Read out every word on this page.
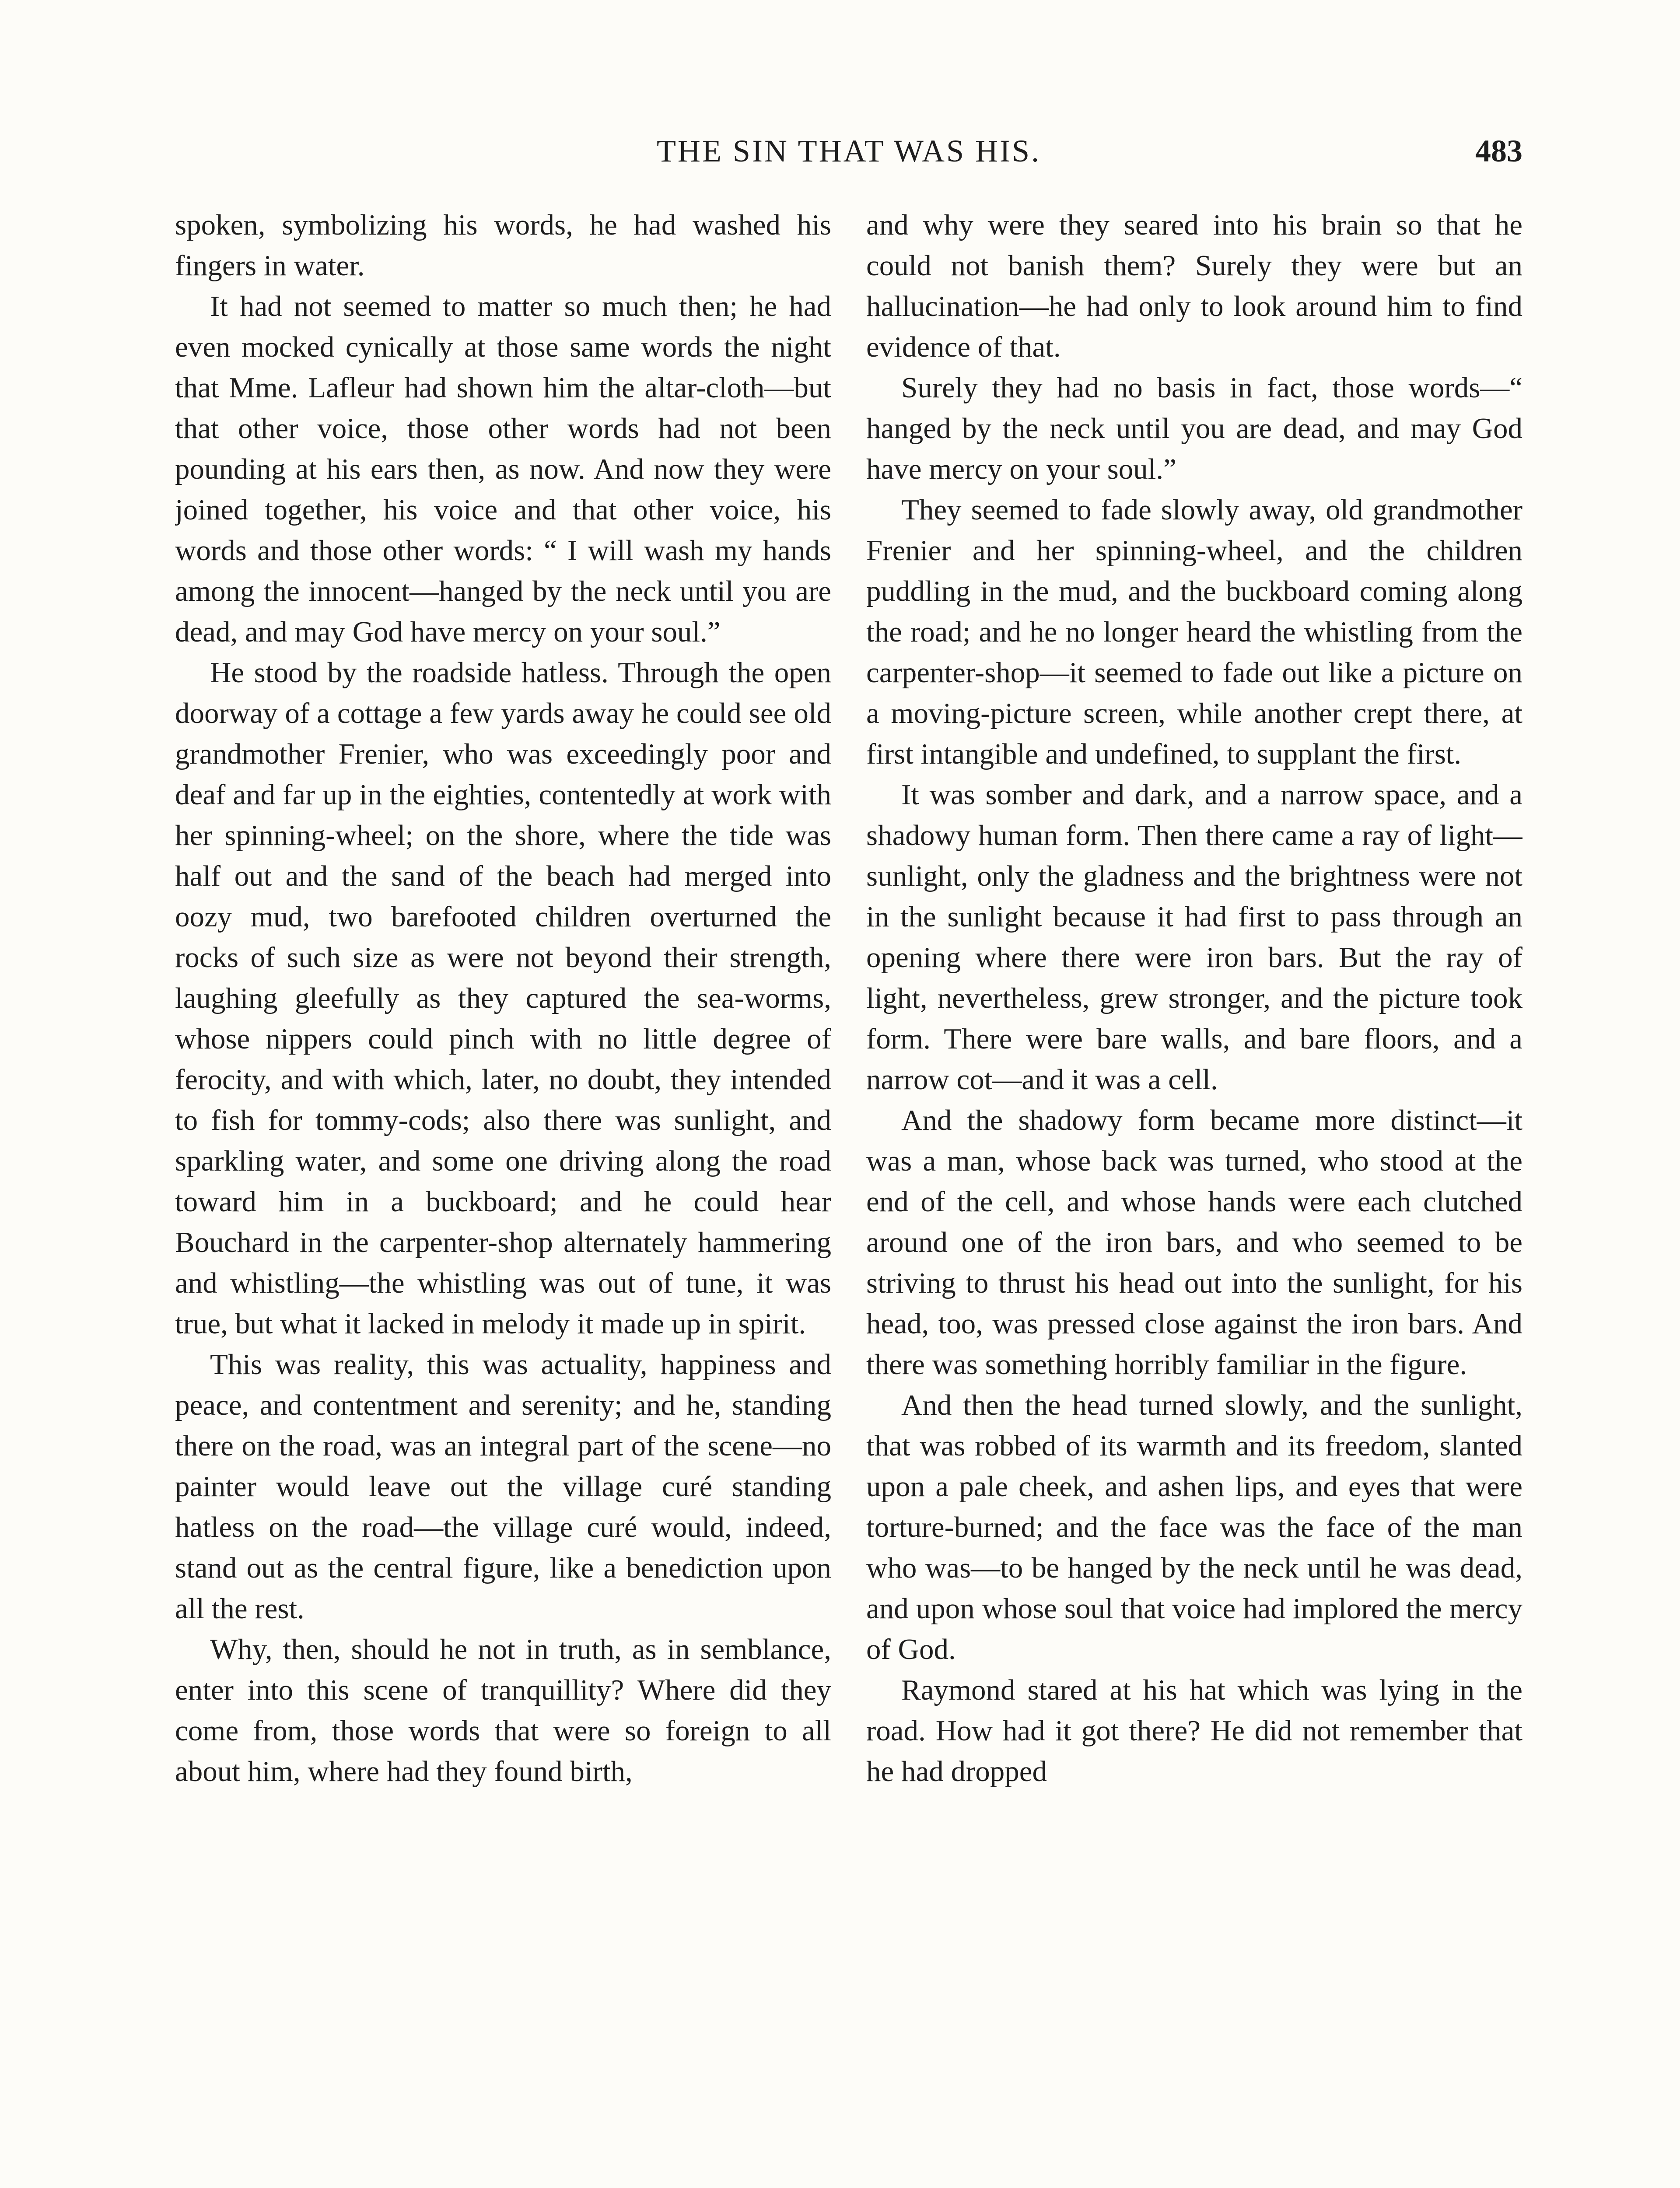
THE SIN THAT WAS HIS.	483

spoken, symbolizing his words, he had washed his fingers in water.

It had not seemed to matter so much then; he had even mocked cynically at those same words the night that Mme. Lafleur had shown him the altar-cloth—but that other voice, those other words had not been pounding at his ears then, as now. And now they were joined together, his voice and that other voice, his words and those other words: “ I will wash my hands among the innocent—hanged by the neck until you are dead, and may God have mercy on your soul.”

He stood by the roadside hatless. Through the open doorway of a cottage a few yards away he could see old grandmother Frenier, who was exceedingly poor and deaf and far up in the eighties, contentedly at work with her spinning-wheel; on the shore, where the tide was half out and the sand of the beach had merged into oozy mud, two barefooted children overturned the rocks of such size as were not beyond their strength, laughing gleefully as they captured the sea-worms, whose nippers could pinch with no little degree of ferocity, and with which, later, no doubt, they intended to fish for tommy-cods; also there was sunlight, and sparkling water, and some one driving along the road toward him in a buckboard; and he could hear Bouchard in the carpenter-shop alternately hammering and whistling—the whistling was out of tune, it was true, but what it lacked in melody it made up in spirit.

This was reality, this was actuality, happiness and peace, and contentment and serenity; and he, standing there on the road, was an integral part of the scene—no painter would leave out the village curé standing hatless on the road—the village curé would, indeed, stand out as the central figure, like a benediction upon all the rest.

Why, then, should he not in truth, as in semblance, enter into this scene of tranquillity? Where did they come from, those words that were so foreign to all about him, where had they found birth,

and why were they seared into his brain so that he could not banish them? Surely they were but an hallucination—he had only to look around him to find evidence of that.

Surely they had no basis in fact, those words—“ hanged by the neck until you are dead, and may God have mercy on your soul.”

They seemed to fade slowly away, old grandmother Frenier and her spinning-wheel, and the children puddling in the mud, and the buckboard coming along the road; and he no longer heard the whistling from the carpenter-shop—it seemed to fade out like a picture on a moving-picture screen, while another crept there, at first intangible and undefined, to supplant the first.

It was somber and dark, and a narrow space, and a shadowy human form. Then there came a ray of light—sunlight, only the gladness and the brightness were not in the sunlight because it had first to pass through an opening where there were iron bars. But the ray of light, nevertheless, grew stronger, and the picture took form. There were bare walls, and bare floors, and a narrow cot—and it was a cell.

And the shadowy form became more distinct—it was a man, whose back was turned, who stood at the end of the cell, and whose hands were each clutched around one of the iron bars, and who seemed to be striving to thrust his head out into the sunlight, for his head, too, was pressed close against the iron bars. And there was something horribly familiar in the figure.

And then the head turned slowly, and the sunlight, that was robbed of its warmth and its freedom, slanted upon a pale cheek, and ashen lips, and eyes that were torture-burned; and the face was the face of the man who was—to be hanged by the neck until he was dead, and upon whose soul that voice had implored the mercy of God.

Raymond stared at his hat which was lying in the road. How had it got there? He did not remember that he had dropped
